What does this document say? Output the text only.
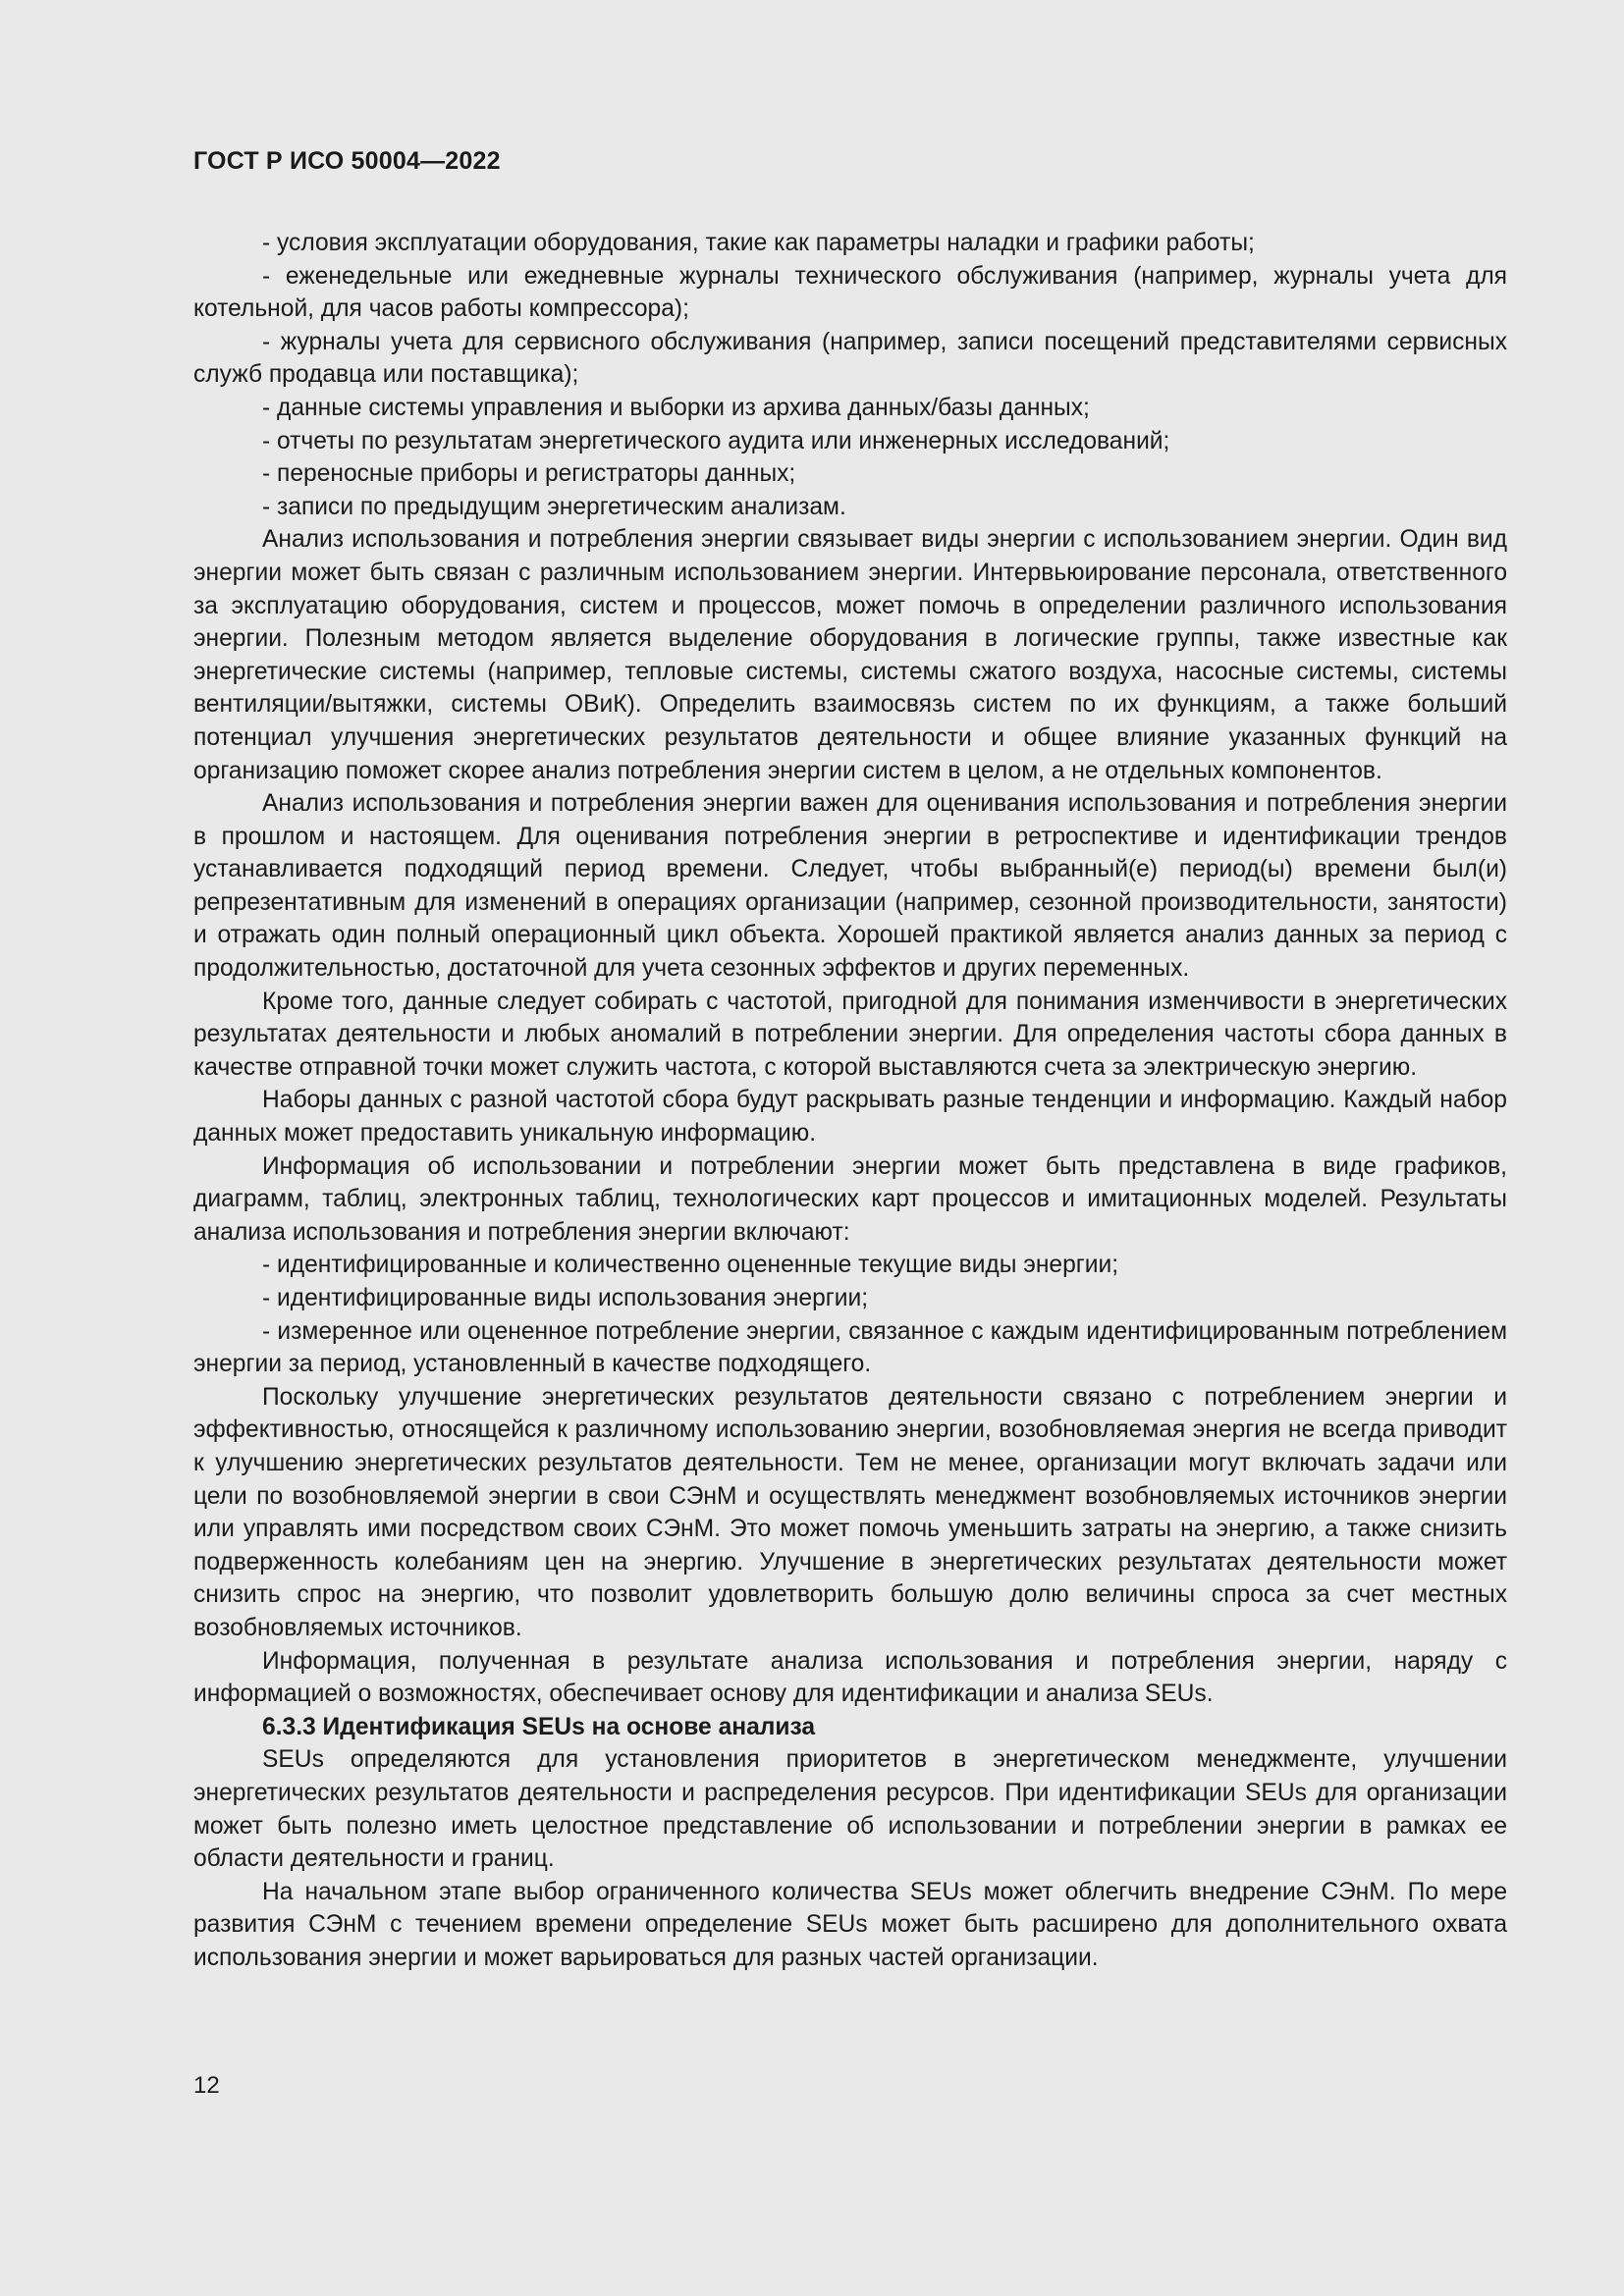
ГОСТ Р ИСО 50004—2022

- условия эксплуатации оборудования, такие как параметры наладки и графики работы;

- еженедельные или ежедневные журналы технического обслуживания (например, журналы учета для котельной, для часов работы компрессора);

- журналы учета для сервисного обслуживания (например, записи посещений представителями сервисных служб продавца или поставщика);

- данные системы управления и выборки из архива данных/базы данных;

- отчеты по результатам энергетического аудита или инженерных исследований;

- переносные приборы и регистраторы данных;

- записи по предыдущим энергетическим анализам.

Анализ использования и потребления энергии связывает виды энергии с использованием энергии. Один вид энергии может быть связан с различным использованием энергии. Интервьюирование персонала, ответственного за эксплуатацию оборудования, систем и процессов, может помочь в определении различного использования энергии. Полезным методом является выделение оборудования в логические группы, также известные как энергетические системы (например, тепловые системы, системы сжатого воздуха, насосные системы, системы вентиляции/вытяжки, системы ОВиК). Определить взаимосвязь систем по их функциям, а также больший потенциал улучшения энергетических результатов деятельности и общее влияние указанных функций на организацию поможет скорее анализ потребления энергии систем в целом, а не отдельных компонентов.

Анализ использования и потребления энергии важен для оценивания использования и потребления энергии в прошлом и настоящем. Для оценивания потребления энергии в ретроспективе и идентификации трендов устанавливается подходящий период времени. Следует, чтобы выбранный(е) период(ы) времени был(и) репрезентативным для изменений в операциях организации (например, сезонной производительности, занятости) и отражать один полный операционный цикл объекта. Хорошей практикой является анализ данных за период с продолжительностью, достаточной для учета сезонных эффектов и других переменных.

Кроме того, данные следует собирать с частотой, пригодной для понимания изменчивости в энергетических результатах деятельности и любых аномалий в потреблении энергии. Для определения частоты сбора данных в качестве отправной точки может служить частота, с которой выставляются счета за электрическую энергию.

Наборы данных с разной частотой сбора будут раскрывать разные тенденции и информацию. Каждый набор данных может предоставить уникальную информацию.

Информация об использовании и потреблении энергии может быть представлена в виде графиков, диаграмм, таблиц, электронных таблиц, технологических карт процессов и имитационных моделей. Результаты анализа использования и потребления энергии включают:

- идентифицированные и количественно оцененные текущие виды энергии;

- идентифицированные виды использования энергии;

- измеренное или оцененное потребление энергии, связанное с каждым идентифицированным потреблением энергии за период, установленный в качестве подходящего.

Поскольку улучшение энергетических результатов деятельности связано с потреблением энергии и эффективностью, относящейся к различному использованию энергии, возобновляемая энергия не всегда приводит к улучшению энергетических результатов деятельности. Тем не менее, организации могут включать задачи или цели по возобновляемой энергии в свои СЭнМ и осуществлять менеджмент возобновляемых источников энергии или управлять ими посредством своих СЭнМ. Это может помочь уменьшить затраты на энергию, а также снизить подверженность колебаниям цен на энергию. Улучшение в энергетических результатах деятельности может снизить спрос на энергию, что позволит удовлетворить большую долю величины спроса за счет местных возобновляемых источников.

Информация, полученная в результате анализа использования и потребления энергии, наряду с информацией о возможностях, обеспечивает основу для идентификации и анализа SEUs.

6.3.3 Идентификация SEUs на основе анализа

SEUs определяются для установления приоритетов в энергетическом менеджменте, улучшении энергетических результатов деятельности и распределения ресурсов. При идентификации SEUs для организации может быть полезно иметь целостное представление об использовании и потреблении энергии в рамках ее области деятельности и границ.

На начальном этапе выбор ограниченного количества SEUs может облегчить внедрение СЭнМ. По мере развития СЭнМ с течением времени определение SEUs может быть расширено для дополнительного охвата использования энергии и может варьироваться для разных частей организации.

12
